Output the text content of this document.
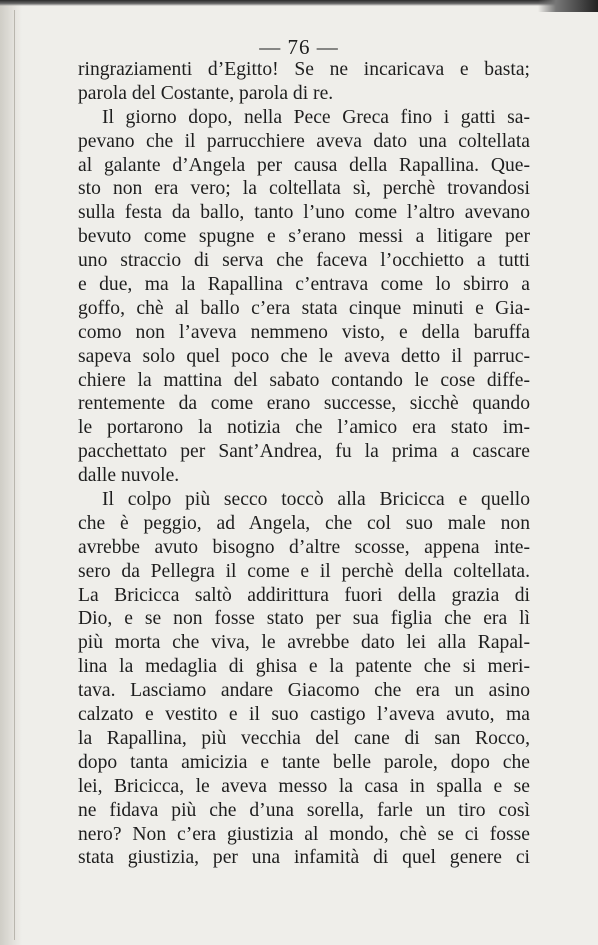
— 76 —
ringraziamenti d’Egitto! Se ne incaricava e basta;
parola del Costante, parola di re.
Il giorno dopo, nella Pece Greca fino i gatti sa-
pevano che il parrucchiere aveva dato una coltellata
al galante d’Angela per causa della Rapallina. Que-
sto non era vero; la coltellata sì, perchè trovandosi
sulla festa da ballo, tanto l’uno come l’altro avevano
bevuto come spugne e s’erano messi a litigare per
uno straccio di serva che faceva l’occhietto a tutti
e due, ma la Rapallina c’entrava come lo sbirro a
goffo, chè al ballo c’era stata cinque minuti e Gia-
como non l’aveva nemmeno visto, e della baruffa
sapeva solo quel poco che le aveva detto il parruc-
chiere la mattina del sabato contando le cose diffe-
rentemente da come erano successe, sicchè quando
le portarono la notizia che l’amico era stato im-
pacchettato per Sant’Andrea, fu la prima a cascare
dalle nuvole.
Il colpo più secco toccò alla Bricicca e quello
che è peggio, ad Angela, che col suo male non
avrebbe avuto bisogno d’altre scosse, appena inte-
sero da Pellegra il come e il perchè della coltellata.
La Bricicca saltò addirittura fuori della grazia di
Dio, e se non fosse stato per sua figlia che era lì
più morta che viva, le avrebbe dato lei alla Rapal-
lina la medaglia di ghisa e la patente che si meri-
tava. Lasciamo andare Giacomo che era un asino
calzato e vestito e il suo castigo l’aveva avuto, ma
la Rapallina, più vecchia del cane di san Rocco,
dopo tanta amicizia e tante belle parole, dopo che
lei, Bricicca, le aveva messo la casa in spalla e se
ne fidava più che d’una sorella, farle un tiro così
nero? Non c’era giustizia al mondo, chè se ci fosse
stata giustizia, per una infamità di quel genere ci
